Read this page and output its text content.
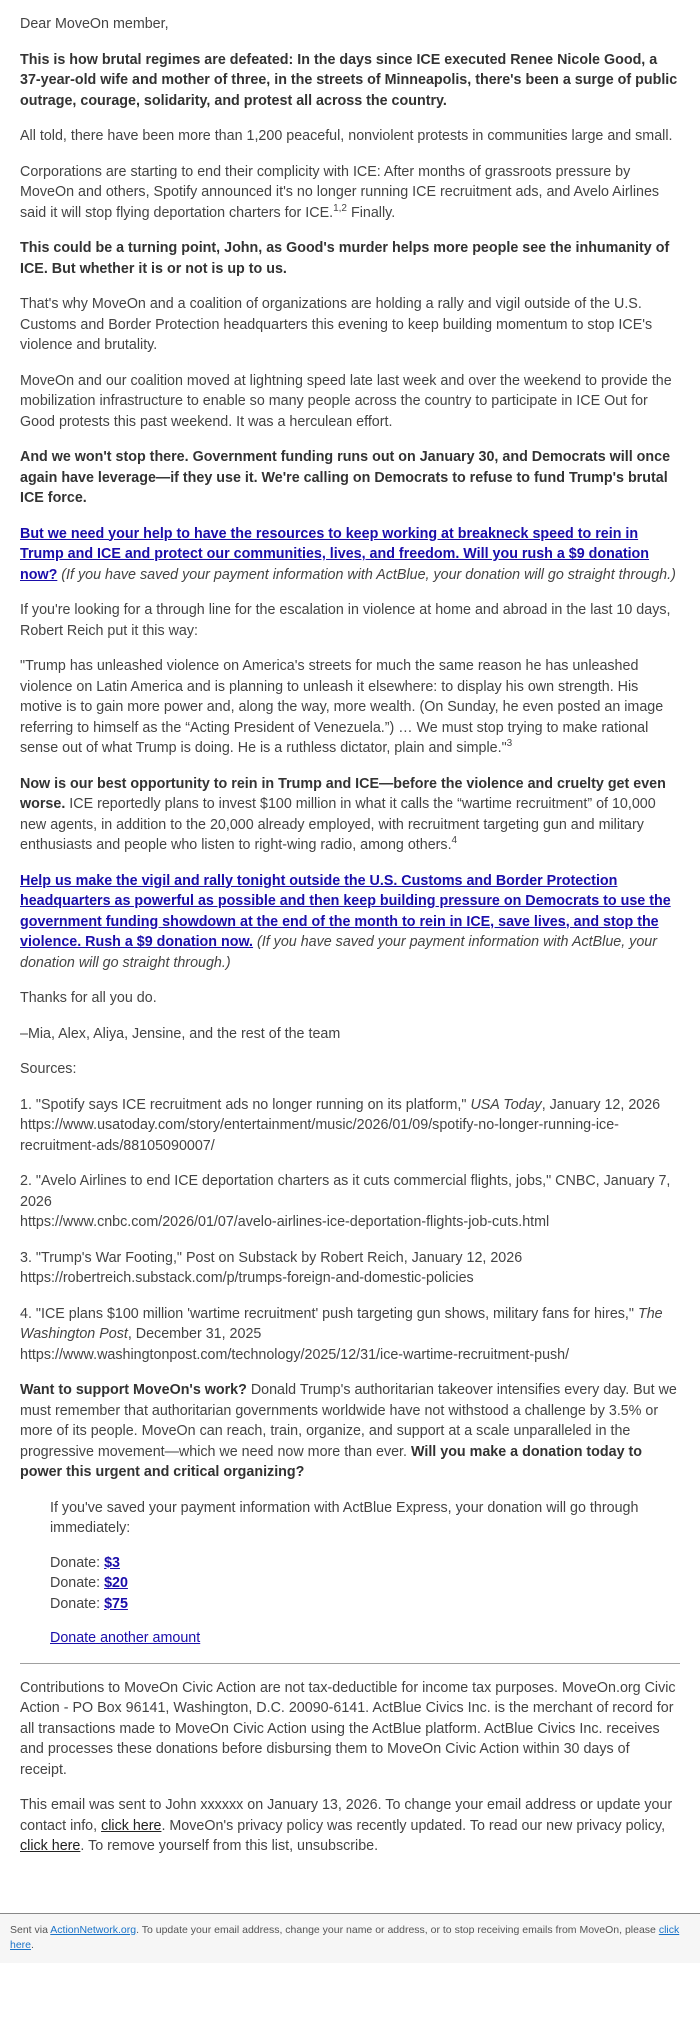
Dear MoveOn member,

This is how brutal regimes are defeated: In the days since ICE executed Renee Nicole Good, a 37-year-old wife and mother of three, in the streets of Minneapolis, there's been a surge of public outrage, courage, solidarity, and protest all across the country.

All told, there have been more than 1,200 peaceful, nonviolent protests in communities large and small.

Corporations are starting to end their complicity with ICE: After months of grassroots pressure by MoveOn and others, Spotify announced it's no longer running ICE recruitment ads, and Avelo Airlines said it will stop flying deportation charters for ICE.$^{1,2}$ Finally.

This could be a turning point, John, as Good's murder helps more people see the inhumanity of ICE. But whether it is or not is up to us.

That's why MoveOn and a coalition of organizations are holding a rally and vigil outside of the U.S. Customs and Border Protection headquarters this evening to keep building momentum to stop ICE's violence and brutality.

MoveOn and our coalition moved at lightning speed late last week and over the weekend to provide the mobilization infrastructure to enable so many people across the country to participate in ICE Out for Good protests this past weekend. It was a herculean effort.

And we won't stop there. Government funding runs out on January 30, and Democrats will once again have leverage—if they use it. We're calling on Democrats to refuse to fund Trump's brutal ICE force.

But we need your help to have the resources to keep working at breakneck speed to rein in Trump and ICE and protect our communities, lives, and freedom. Will you rush a $9 donation now? (If you have saved your payment information with ActBlue, your donation will go straight through.)

If you're looking for a through line for the escalation in violence at home and abroad in the last 10 days, Robert Reich put it this way:

"Trump has unleashed violence on America's streets for much the same reason he has unleashed violence on Latin America and is planning to unleash it elsewhere: to display his own strength. His motive is to gain more power and, along the way, more wealth. (On Sunday, he even posted an image referring to himself as the “Acting President of Venezuela.”) … We must stop trying to make rational sense out of what Trump is doing. He is a ruthless dictator, plain and simple."$^3$

Now is our best opportunity to rein in Trump and ICE—before the violence and cruelty get even worse. ICE reportedly plans to invest $100 million in what it calls the “wartime recruitment” of 10,000 new agents, in addition to the 20,000 already employed, with recruitment targeting gun and military enthusiasts and people who listen to right-wing radio, among others.$^4$

Help us make the vigil and rally tonight outside the U.S. Customs and Border Protection headquarters as powerful as possible and then keep building pressure on Democrats to use the government funding showdown at the end of the month to rein in ICE, save lives, and stop the violence. Rush a $9 donation now. (If you have saved your payment information with ActBlue, your donation will go straight through.)

Thanks for all you do.

–Mia, Alex, Aliya, Jensine, and the rest of the team

Sources:

1. "Spotify says ICE recruitment ads no longer running on its platform," USA Today, January 12, 2026
https://www.usatoday.com/story/entertainment/music/2026/01/09/spotify-no-longer-running-ice-recruitment-ads/88105090007/
2. "Avelo Airlines to end ICE deportation charters as it cuts commercial flights, jobs," CNBC, January 7, 2026
https://www.cnbc.com/2026/01/07/avelo-airlines-ice-deportation-flights-job-cuts.html
3. "Trump's War Footing," Post on Substack by Robert Reich, January 12, 2026
https://robertreich.substack.com/p/trumps-foreign-and-domestic-policies
4. "ICE plans $100 million 'wartime recruitment' push targeting gun shows, military fans for hires," The Washington Post, December 31, 2025
https://www.washingtonpost.com/technology/2025/12/31/ice-wartime-recruitment-push/

Want to support MoveOn's work? Donald Trump's authoritarian takeover intensifies every day. But we must remember that authoritarian governments worldwide have not withstood a challenge by 3.5% or more of its people. MoveOn can reach, train, organize, and support at a scale unparalleled in the progressive movement—which we need now more than ever. Will you make a donation today to power this urgent and critical organizing?

If you've saved your payment information with ActBlue Express, your donation will go through immediately:

Donate: $3
Donate: $20
Donate: $75

Donate another amount

Contributions to MoveOn Civic Action are not tax-deductible for income tax purposes. MoveOn.org Civic Action - PO Box 96141, Washington, D.C. 20090-6141. ActBlue Civics Inc. is the merchant of record for all transactions made to MoveOn Civic Action using the ActBlue platform. ActBlue Civics Inc. receives and processes these donations before disbursing them to MoveOn Civic Action within 30 days of receipt.

This email was sent to John xxxxxx on January 13, 2026. To change your email address or update your contact info, click here. MoveOn's privacy policy was recently updated. To read our new privacy policy, click here. To remove yourself from this list, unsubscribe.

Sent via ActionNetwork.org. To update your email address, change your name or address, or to stop receiving emails from MoveOn, please click here.
